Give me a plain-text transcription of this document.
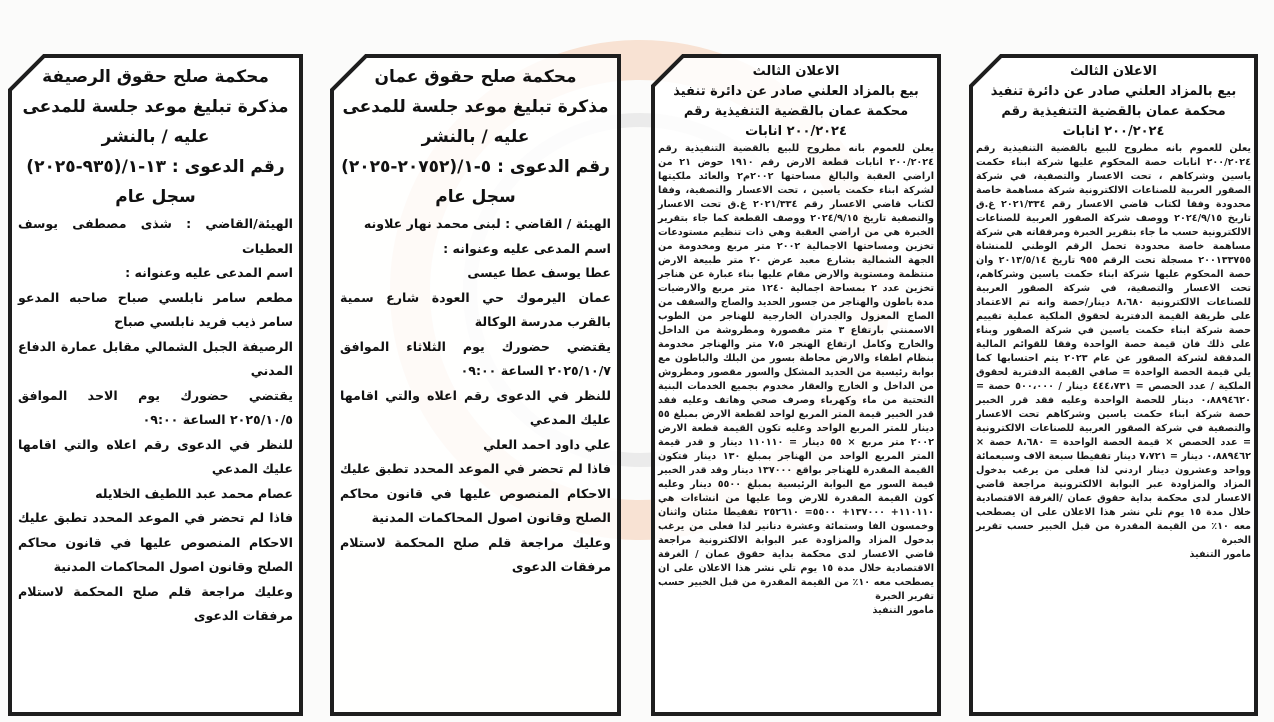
محكمة صلح حقوق الرصيفة
مذكرة تبليغ موعد جلسة للمدعى عليه / بالنشر
رقم الدعوى : ١٣-١/(٩٣٥-٢٠٢٥)
سجل عام

الهيئة/القاضي : شذى مصطفى يوسف العطيات

اسم المدعى عليه وعنوانه :

مطعم سامر نابلسي صباح صاحبه المدعو سامر ذيب فريد نابلسي صباح

الرصيفة الجبل الشمالي مقابل عمارة الدفاع المدني

يقتضي حضورك يوم الاحد الموافق ٢٠٢٥/١٠/٥ الساعة ٠٩:٠٠

للنظر في الدعوى رقم اعلاه والتي اقامها عليك المدعي

عصام محمد عبد اللطيف الخلايله

فاذا لم تحضر في الموعد المحدد تطبق عليك الاحكام المنصوص عليها في قانون محاكم الصلح وقانون اصول المحاكمات المدنية

وعليك مراجعة قلم صلح المحكمة لاستلام مرفقات الدعوى

محكمة صلح حقوق عمان
مذكرة تبليغ موعد جلسة للمدعى عليه / بالنشر
رقم الدعوى : ٥-١/(٢٠٧٥٢-٢٠٢٥) سجل عام

الهيئة / القاضي : لبنى محمد نهار علاونه

اسم المدعى عليه وعنوانه :

عطا يوسف عطا عيسى

عمان اليرموك حي العودة شارع سمية بالقرب مدرسة الوكالة

يقتضي حضورك يوم الثلاثاء الموافق ٢٠٢٥/١٠/٧ الساعة ٠٩:٠٠

للنظر في الدعوى رقم اعلاه والتي اقامها عليك المدعي

علي داود احمد العلي

فاذا لم تحضر في الموعد المحدد تطبق عليك الاحكام المنصوص عليها في قانون محاكم الصلح وقانون اصول المحاكمات المدنية

وعليك مراجعة قلم صلح المحكمة لاستلام مرفقات الدعوى

الاعلان الثالث
بيع بالمزاد العلني صادر عن دائرة تنفيذ محكمة عمان بالقضية التنفيذية رقم ٢٠٠/٢٠٢٤ انابات

يعلن للعموم بانه مطروح للبيع بالقضية التنفيذية رقم ٢٠٠/٢٠٢٤ انابات قطعة الارض رقم ١٩١٠ حوض ٢١ من اراضي العقبة والبالغ مساحتها ٢٠٠٢م٢ والعائد ملكيتها لشركة ابناء حكمت ياسين ، تحت الاعسار والتصفية، وفقا لكتاب قاضي الاعسار رقم ٢٠٢١/٣٣٤ غ.ق تحت الاعسار والتصفية تاريخ ٢٠٢٤/٩/١٥ ووصف القطعة كما جاء بتقرير الخبرة هي من اراضي العقبة وهي ذات تنظيم مستودعات تخزين ومساحتها الاجمالية ٢٠٠٢ متر مربع ومخدومة من الجهة الشمالية بشارع معبد عرض ٢٠ متر طبيعة الارض منتظمة ومستوية والارض مقام عليها بناء عبارة عن هناجر تخزين عدد ٢ بمساحة اجمالية ١٢٤٠ متر مربع والارضيات مدة باطون والهناجر من جسور الحديد والصاج والسقف من الصاج المعزول والجدران الخارجية للهناجر من الطوب الاسمنتي بارتفاع ٣ متر مقصورة ومطروشة من الداخل والخارج وكامل ارتفاع الهنجر ٧،٥ متر والهناجر مخدومة بنظام اطفاء والارض محاطة بسور من البلك والباطون مع بوابة رئيسية من الحديد المشكل والسور مقصور ومطروش من الداخل و الخارج والعقار مخدوم بجميع الخدمات البنية التحتية من ماء وكهرباء وصرف صحي وهاتف وعليه فقد قدر الخبير قيمة المتر المربع لواحد لقطعة الارض بمبلغ ٥٥ دينار للمتر المربع الواحد وعليه تكون القيمة قطعة الارض ٢٠٠٢ متر مربع × ٥٥ دينار = ١١٠١١٠ دينار و قدر قيمة المتر المربع الواحد من الهناجر بمبلغ ١٣٠ دينار فتكون القيمة المقدرة للهناجر بواقع ١٣٧٠٠٠ دينار وقد قدر الخبير قيمة السور مع البوابة الرئيسية بمبلغ ٥٥٠٠ دينار وعليه كون القيمة المقدرة للارض وما عليها من انشاءات هي ١١٠١١٠+ ١٣٧٠٠٠+ ٥٥٠٠= ٢٥٢٦١٠ تفقيطا مئتان واثنان وخمسون الفا وستمائة وعشرة دنانير لذا فعلى من يرغب بدخول المزاد والمزاودة عبر البوابة الالكترونية مراجعة قاضي الاعسار لدى محكمة بداية حقوق عمان / الغرفة الاقتصادية خلال مدة ١٥ يوم تلي نشر هذا الاعلان على ان يصطحب معه ١٠٪ من القيمة المقدرة من قبل الخبير حسب تقرير الخبرة

مامور التنفيذ

الاعلان الثالث
بيع بالمزاد العلني صادر عن دائرة تنفيذ محكمة عمان بالقضية التنفيذية رقم ٢٠٠/٢٠٢٤ انابات

يعلن للعموم بانه مطروح للبيع بالقضية التنفيذية رقم ٢٠٠/٢٠٢٤ انابات حصة المحكوم عليها شركة ابناء حكمت ياسين وشركاهم ، تحت الاعسار والتصفية، في شركة الصقور العربية للصناعات الالكترونية شركة مساهمة خاصة محدودة وفقا لكتاب قاضي الاعسار رقم ٢٠٢١/٣٣٤ غ.ق تاريخ ٢٠٢٤/٩/١٥ ووصف شركة الصقور العربية للصناعات الالكترونية حسب ما جاء بتقرير الخبرة ومرفقاته هي شركة مساهمة خاصة محدودة تحمل الرقم الوطني للمنشاة ٢٠٠١٣٣٧٥٥ مسجلة تحت الرقم ٩٥٥ تاريخ ٢٠١٣/٥/١٤ وان حصة المحكوم عليها شركة ابناء حكمت ياسين وشركاهم، تحت الاعسار والتصفية، في شركة الصقور العربية للصناعات الالكترونية ٨،٦٨٠ دينار/حصة وانه تم الاعتماد على طريقة القيمة الدفترية لحقوق الملكية عملية تقييم حصة شركة ابناء حكمت ياسين في شركة الصقور وبناء على ذلك فان قيمة حصة الواحدة وفقا للقوائم المالية المدققة لشركة الصقور عن عام ٢٠٢٣ يتم احتسابها كما يلي قيمة الحصة الواحدة = صافي القيمة الدفترية لحقوق الملكية / عدد الحصص = ٤٤٤،٧٣١ دينار / ٥٠٠،٠٠٠ حصة = ٠،٨٨٩٤٦٢٠ دينار للحصة الواحدة وعليه فقد قرر الخبير حصة شركة ابناء حكمت ياسين وشركاهم تحت الاعسار والتصفية في شركة الصقور العربية للصناعات الالكترونية = عدد الحصص × قيمة الحصة الواحدة = ٨،٦٨٠ حصة × ٠،٨٨٩٤٦٢ دينار = ٧،٧٢١ دينار تقفيطا سبعة الاف وسبعمائة وواحد وعشرون دينار اردني لذا فعلى من يرغب بدخول المزاد والمزاودة عبر البوابة الالكترونية مراجعة قاضي الاعسار لدى محكمة بداية حقوق عمان /الغرفة الاقتصادية خلال مدة ١٥ يوم تلي نشر هذا الاعلان على ان يصطحب معه ١٠٪ من القيمة المقدرة من قبل الخبير حسب تقرير الخبرة

مامور التنفيذ
